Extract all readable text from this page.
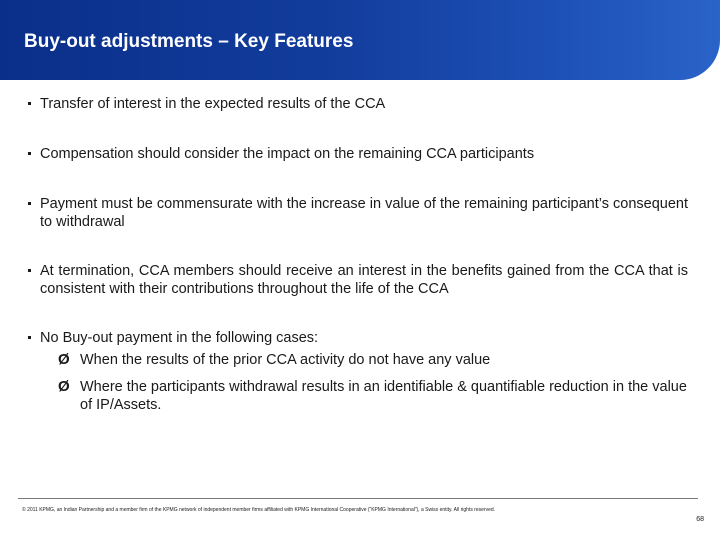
Buy-out adjustments – Key Features
Transfer of interest in the expected results of the CCA
Compensation should consider the impact on the remaining CCA participants
Payment must be commensurate with the increase in value of the remaining participant’s consequent to withdrawal
At termination, CCA members should receive an interest in the benefits gained from the CCA that is consistent with their contributions throughout the life of the CCA
No Buy-out payment in the following cases:
Ø When the results of the prior CCA activity do not have any value
Ø Where the participants withdrawal results in an identifiable & quantifiable reduction in the value of IP/Assets.
© 2011 KPMG, an Indian Partnership and a member firm of the KPMG network of independent member firms affiliated with KPMG International Cooperative (“KPMG International”), a Swiss entity. All rights reserved.
68
